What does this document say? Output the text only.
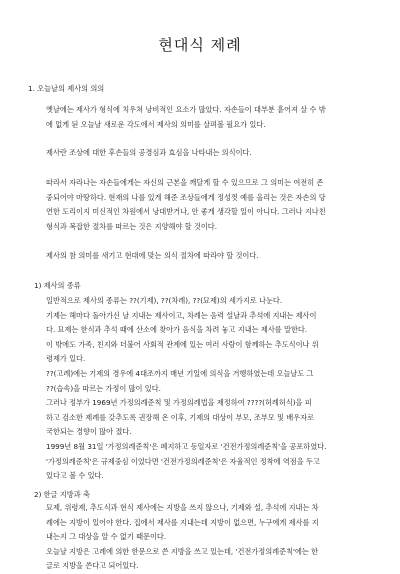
현대식 제례

1. 오늘날의 제사의 의의

옛날에는 제사가 형식에 치우쳐 낭비적인 요소가 많았다. 자손들이 대부분 흩어져 살 수 밖

에 없게 된 오늘날 새로운 각도에서 제사의 의미를 살펴볼 필요가 있다.

제사란 조상에 대한 후손들의 공경심과 효심을 나타내는 의식이다.

따라서 자라나는 자손들에게는 자신의 근본을 깨달게 할 수 있으므로 그 의미는 여전히 존

중되어야 마땅하다. 현재의 나를 있게 해준 조상들에게 정성껏 예를 올리는 것은 자손의 당

연한 도리이지 미신적인 차원에서 낭대받거나, 안 좋게 생각할 일이 아니다. 그러나 지나친

형식과 복잡한 절차를 따르는 것은 지양해야 할 것이다.

제사의 참 의미를 새기고 현대에 맞는 의식 절차에 따라야 할 것이다.

1) 제사의 종류

일반적으로 제사의 종류는 ??(기제), ??(차례), ??(묘제)의 세가지로 나눈다.

기제는 해마다 돌아가신 날 지내는 제사이고, 차례는 음력 설날과 추석에 지내는 제사이

다. 묘제는 한식과 추석 때에 산소에 찾아가 음식을 차려 놓고 지내는 제사를 말한다.

이 밖에도 가족, 친지와 더불어 사회적 관계에 있는 여러 사람이 함께하는 추도식이나 위

령제가 있다.

??(고례)에는 기제의 경우에 4대조까지 매년 기일에 의식을 거행하였는데 오늘날도 그

??(습속)을 따르는 가정이 많이 있다.

그러나 정부가 1969년 가정의례준칙 및 가정의례법을 제정하여 ????(허례허식)을 피

하고 검소한 제례를 갖추도록 권장해 온 이후, 기제의 대상이 부모, 조부모 및 배우자로

국한되는 경향이 많아 졌다.

1999년 8월 31일 '가정의례준칙'은 폐지하고 동일자로 '건전가정의례준칙'을 공포하였다.

'가정의례준칙'은 규제중심 이었다면 '건전가정의례준칙'은 자율적인 정착에 역점을 두고

있다고 볼 수 있다.

2) 한글 지방과 축

묘제, 위령제, 추도식과 현식 제사에는 지방을 쓰지 않으나, 기제와 설, 추석에 지내는 차

례에는 지방이 있어야 한다. 집에서 제사를 지내는데 지방이 없으면, 누구에게 제사를 지

내는지 그 대상을 알 수 없기 때문이다.

오늘날 지방은 고례에 의한 한문으로 쓴 지방을 쓰고 있는데, '건전가정의례준칙'에는 한

글로 지방을 쓴다고 되어있다.
